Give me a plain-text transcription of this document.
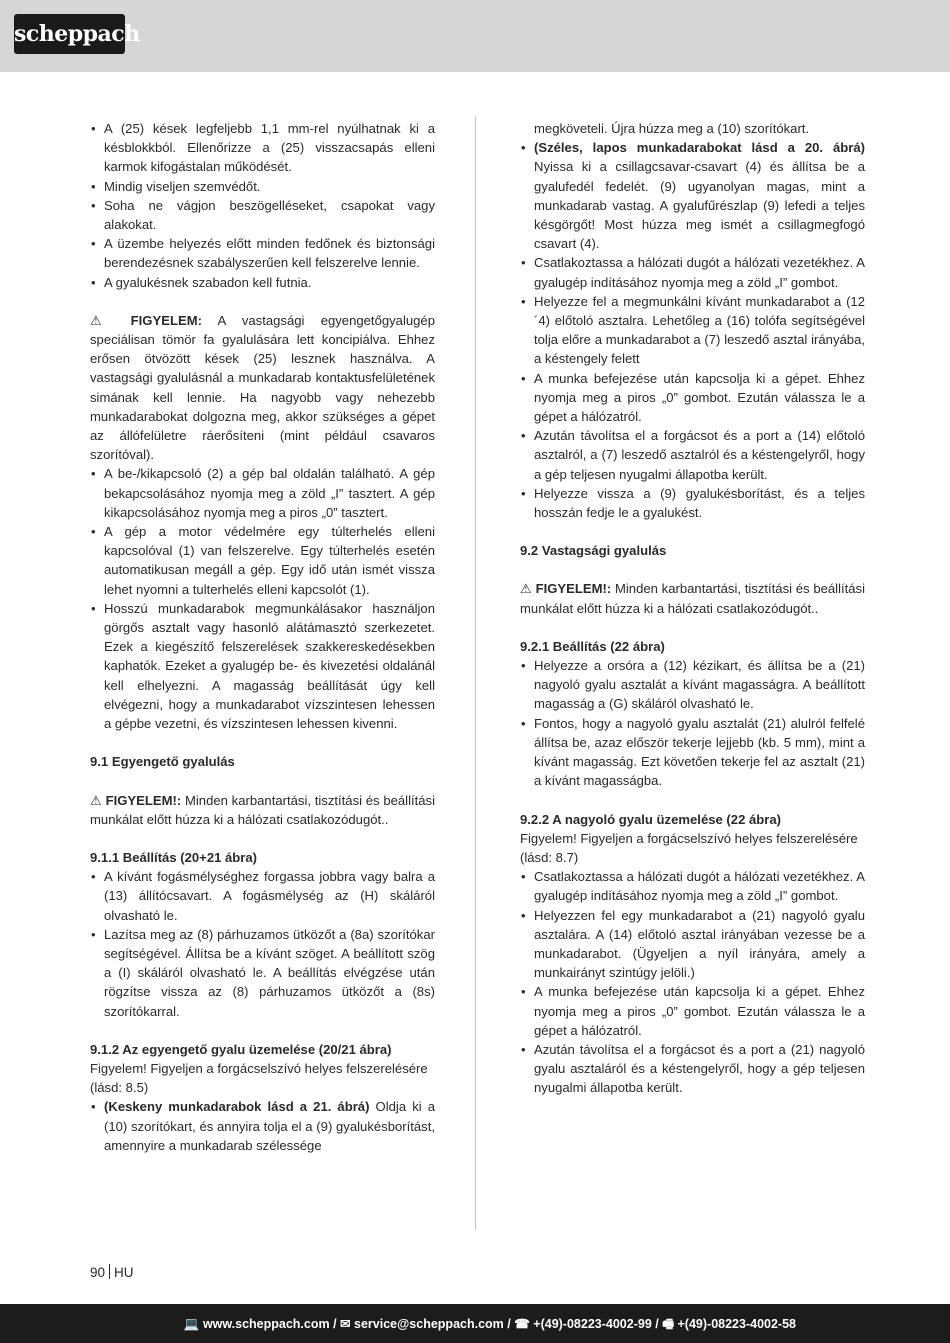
scheppach

• A (25) kések legfeljebb 1,1 mm-rel nyúlhatnak ki a késblokkból. Ellenőrizze a (25) visszacsapás elleni karmok kifogástalan működését.

• Mindig viseljen szemvédőt.

• Soha ne vágjon beszögelléseket, csapokat vagy alakokat.

• A üzembe helyezés előtt minden fedőnek és biztonsági berendezésnek szabályszerűen kell felszerelve lennie.

• A gyalukésnek szabadon kell futnia.

⚠ FIGYELEM: A vastagsági egyengetőgyalugép speciálisan tömör fa gyalulására lett koncipiálva. Ehhez erősen ötvözött kések (25) lesznek használva. A vastagsági gyalulásnál a munkadarab kontaktusfelületének simának kell lennie. Ha nagyobb vagy nehezebb munkadarabokat dolgozna meg, akkor szükséges a gépet az állófelületre ráerősíteni (mint például csavaros szorítóval).

• A be-/kikapcsoló (2) a gép bal oldalán található. A gép bekapcsolásához nyomja meg a zöld „I” tasztert. A gép kikapcsolásához nyomja meg a piros „0” tasztert.

• A gép a motor védelmére egy túlterhelés elleni kapcsolóval (1) van felszerelve. Egy túlterhelés esetén automatikusan megáll a gép. Egy idő után ismét vissza lehet nyomni a tulterhelés elleni kapcsolót (1).

• Hosszú munkadarabok megmunkálásakor használjon görgős asztalt vagy hasonló alátámasztó szerkezetet. Ezek a kiegészítő felszerelések szakkereskedésekben kaphatók. Ezeket a gyalugép be- és kivezetési oldalánál kell elhelyezni. A magasság beállítását úgy kell elvégezni, hogy a munkadarabot vízszintesen lehessen a gépbe vezetni, és vízszintesen lehessen kivenni.

9.1 Egyengető gyalulás

⚠ FIGYELEM!: Minden karbantartási, tisztítási és beállítási munkálat előtt húzza ki a hálózati csatlakozódugót..

9.1.1 Beállítás (20+21 ábra)

• A kívánt fogásmélységhez forgassa jobbra vagy balra a (13) állítócsavart. A fogásmélység az (H) skáláról olvasható le.

• Lazítsa meg az (8) párhuzamos ütközőt a (8a) szorítókar segítségével. Állítsa be a kívánt szöget. A beállított szög a (I) skáláról olvasható le. A beállítás elvégzése után rögzítse vissza az (8) párhuzamos ütközőt a (8s) szorítókarral.

9.1.2 Az egyengető gyalu üzemelése (20/21 ábra)

Figyelem! Figyeljen a forgácselszívó helyes felszerelésére (lásd: 8.5)

• (Keskeny munkadarabok lásd a 21. ábrá) Oldja ki a (10) szorítókart, és annyira tolja el a (9) gyalukésborítást, amennyire a munkadarab szélessége

megköveteli. Újra húzza meg a (10) szorítókart.

• (Széles, lapos munkadarabokat lásd a 20. ábrá) Nyissa ki a csillagcsavar-csavart (4) és állítsa be a gyalufedél fedelét. (9) ugyanolyan magas, mint a munkadarab vastag. A gyalufűrészlap (9) lefedi a teljes késgörgőt! Most húzza meg ismét a csillagmegfogó csavart (4).

• Csatlakoztassa a hálózati dugót a hálózati vezetékhez. A gyalugép indításához nyomja meg a zöld „I” gombot.

• Helyezze fel a megmunkálni kívánt munkadarabot a (12´4) előtoló asztalra. Lehetőleg a (16) tolófa segítségével tolja előre a munkadarabot a (7) leszedő asztal irányába, a késtengely felett

• A munka befejezése után kapcsolja ki a gépet. Ehhez nyomja meg a piros „0” gombot. Ezután válassza le a gépet a hálózatról.

• Azután távolítsa el a forgácsot és a port a (14) előtoló asztalról, a (7) leszedő asztalról és a késtengelyről, hogy a gép teljesen nyugalmi állapotba került.

• Helyezze vissza a (9) gyalukésborítást, és a teljes hosszán fedje le a gyalukést.

9.2 Vastagsági gyalulás

⚠ FIGYELEM!: Minden karbantartási, tisztítási és beállítási munkálat előtt húzza ki a hálózati csatlakozódugót..

9.2.1 Beállítás (22 ábra)

• Helyezze a orsóra a (12) kézikart, és állítsa be a (21) nagyoló gyalu asztalát a kívánt magasságra. A beállított magasság a (G) skáláról olvasható le.

• Fontos, hogy a nagyoló gyalu asztalát (21) alulról felfelé állítsa be, azaz először tekerje lejjebb (kb. 5 mm), mint a kívánt magasság. Ezt követően tekerje fel az asztalt (21) a kívánt magasságba.

9.2.2 A nagyoló gyalu üzemelése (22 ábra)

Figyelem! Figyeljen a forgácselszívó helyes felszerelésére (lásd: 8.7)

• Csatlakoztassa a hálózati dugót a hálózati vezetékhez. A gyalugép indításához nyomja meg a zöld „I” gombot.

• Helyezzen fel egy munkadarabot a (21) nagyoló gyalu asztalára. A (14) előtoló asztal irányában vezesse be a munkadarabot. (Ügyeljen a nyíl irányára, amely a munkairányt szintúgy jelöli.)

• A munka befejezése után kapcsolja ki a gépet. Ehhez nyomja meg a piros „0” gombot. Ezután válassza le a gépet a hálózatról.

• Azután távolítsa el a forgácsot és a port a (21) nagyoló gyalu asztaláról és a késtengelyről, hogy a gép teljesen nyugalmi állapotba került.

90 HU
💻 www.scheppach.com / ✉ service@scheppach.com / ☎ +(49)-08223-4002-99 / 🖷 +(49)-08223-4002-58
